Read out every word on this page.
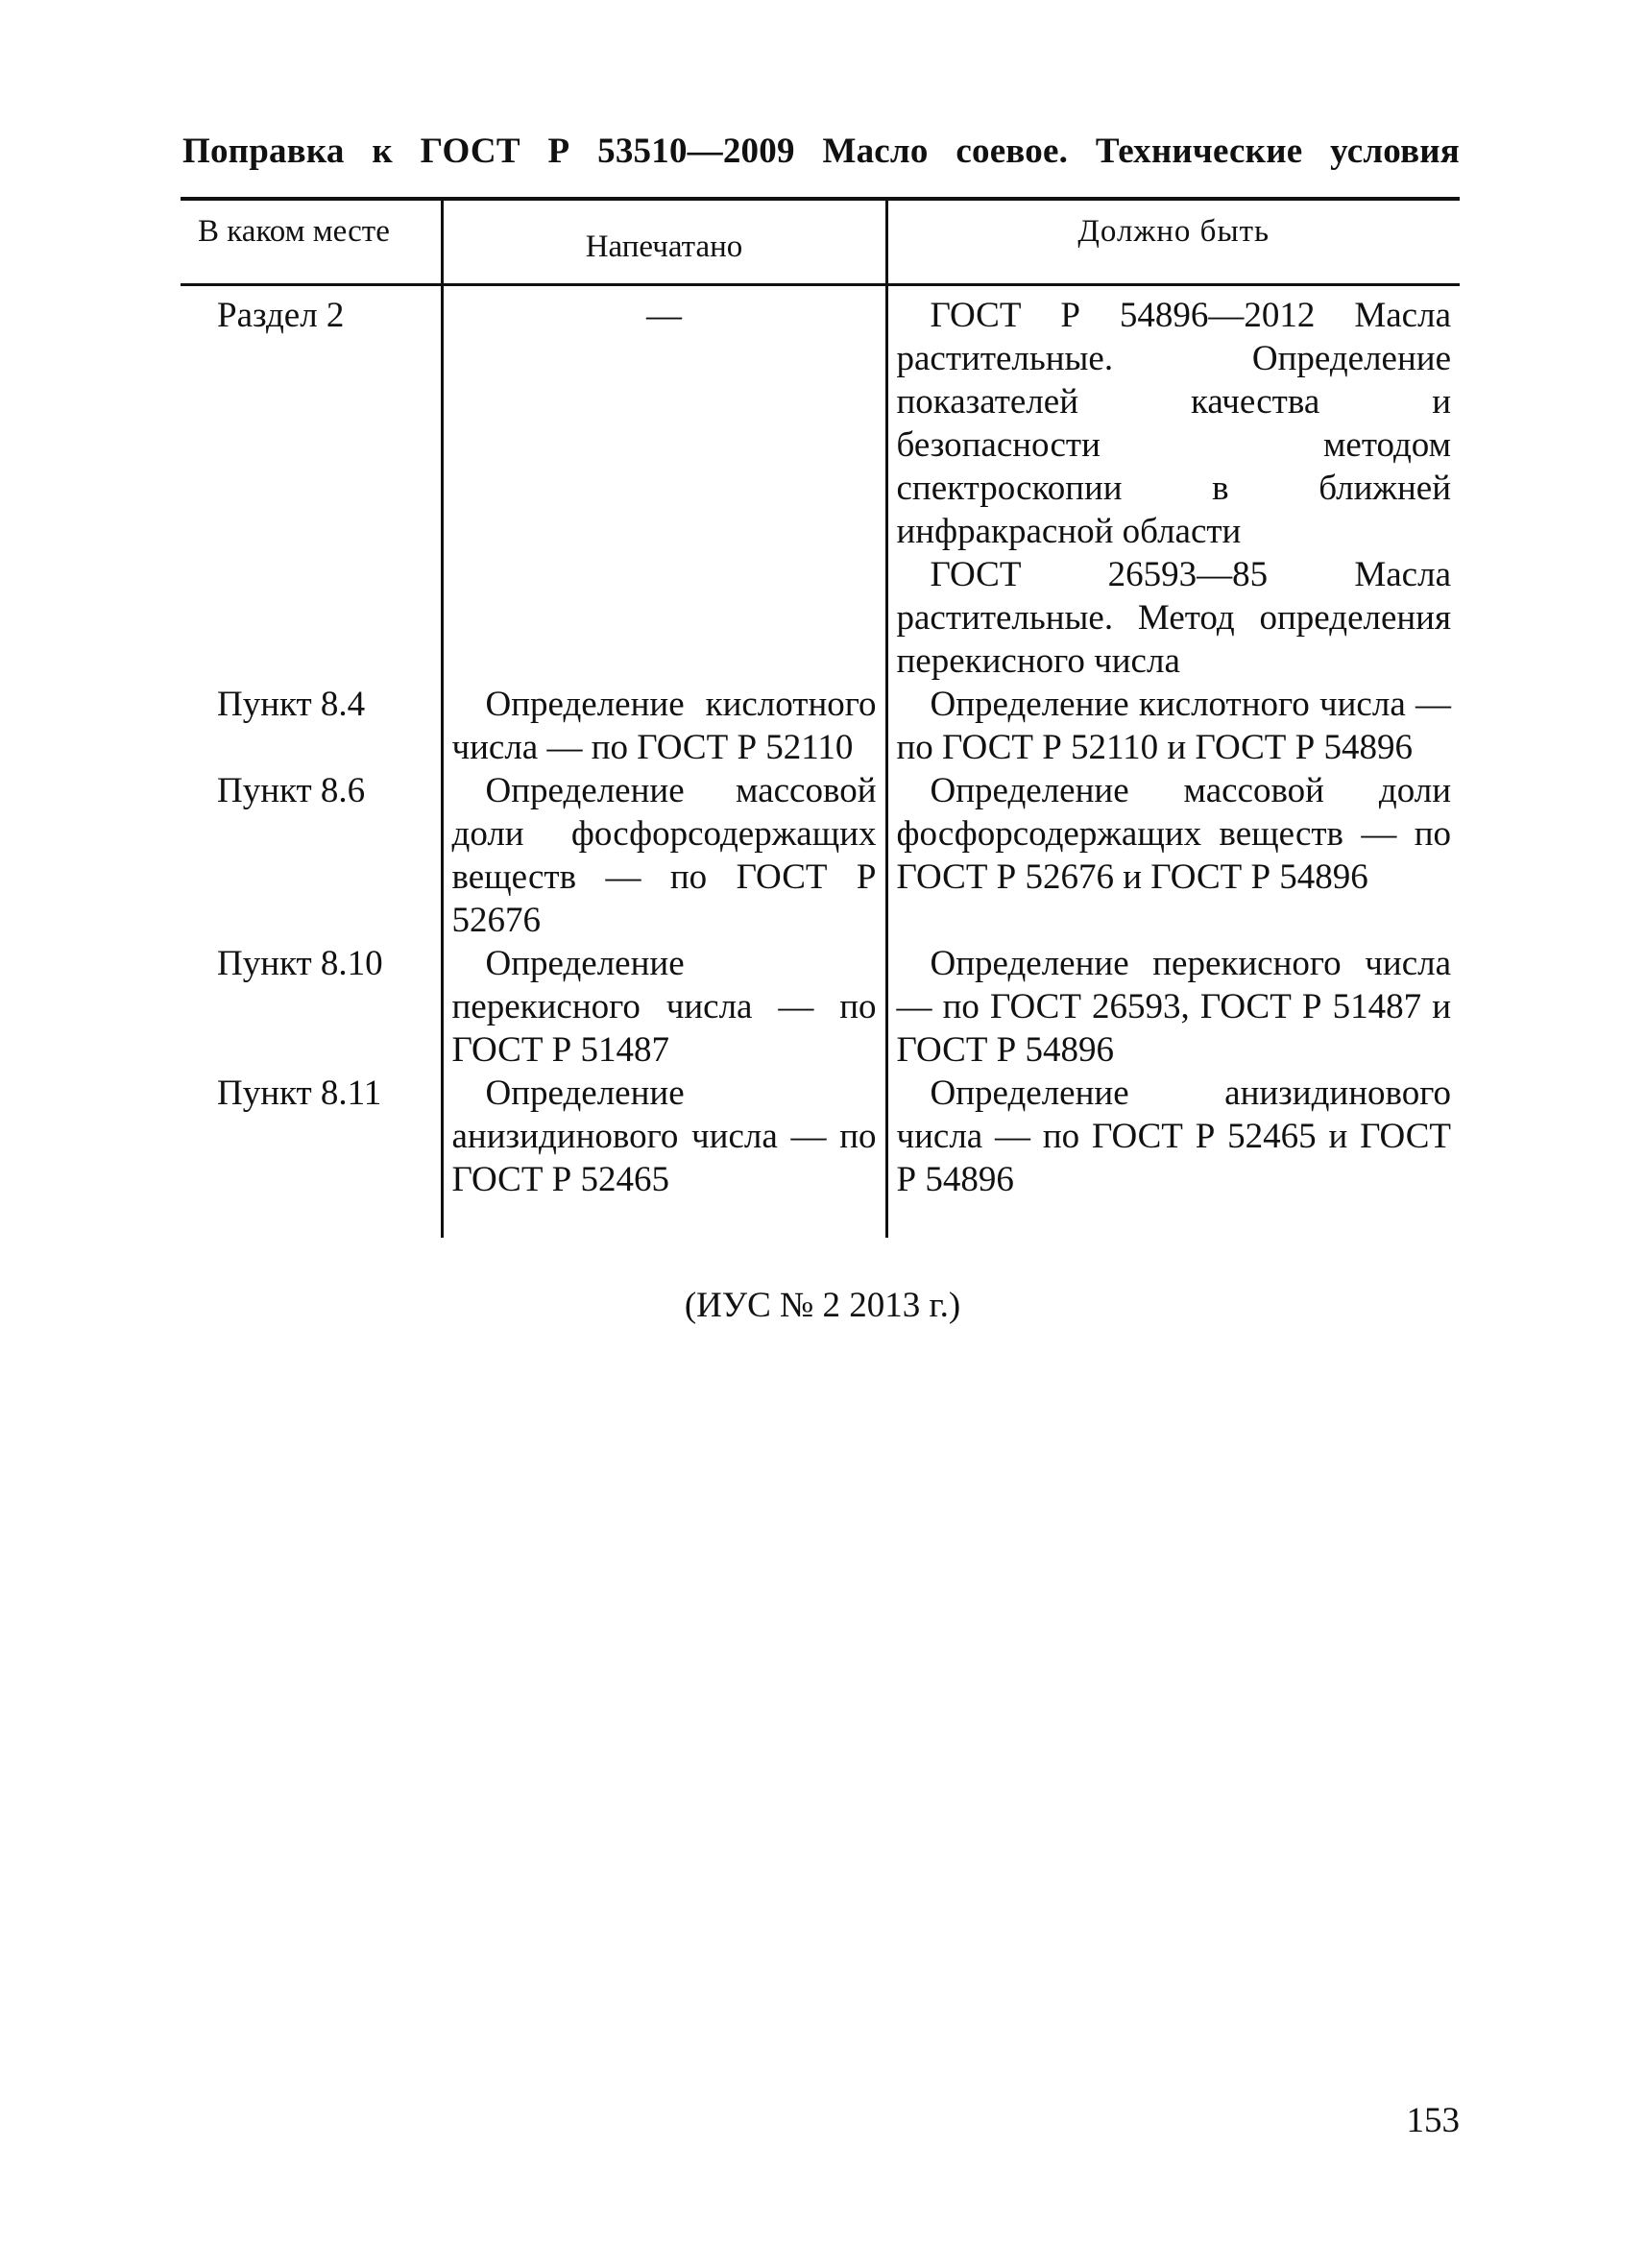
Поправка к ГОСТ Р 53510—2009 Масло соевое. Технические условия
В каком месте	Напечатано	Должно быть
Раздел 2	—	ГОСТ Р 54896—2012 Масла растительные. Определение показателей качества и безопасности методом спектроскопии в ближней инфракрасной области
ГОСТ 26593—85 Масла растительные. Метод определения перекисного числа

Пункт 8.4	Определение кислотного числа — по ГОСТ Р 52110	Определение кислотного числа — по ГОСТ Р 52110 и ГОСТ Р 54896

Пункт 8.6	Определение массовой доли фосфорсодержащих веществ — по ГОСТ Р 52676	Определение массовой доли фосфорсодержащих веществ — по ГОСТ Р 52676 и ГОСТ Р 54896

Пункт 8.10	Определение перекисного числа — по ГОСТ Р 51487	Определение перекисного числа — по ГОСТ 26593, ГОСТ Р 51487 и ГОСТ Р 54896

Пункт 8.11	Определение анизидинового числа — по ГОСТ Р 52465	Определение анизидинового числа — по ГОСТ Р 52465 и ГОСТ Р 54896
(ИУС № 2 2013 г.)
153
